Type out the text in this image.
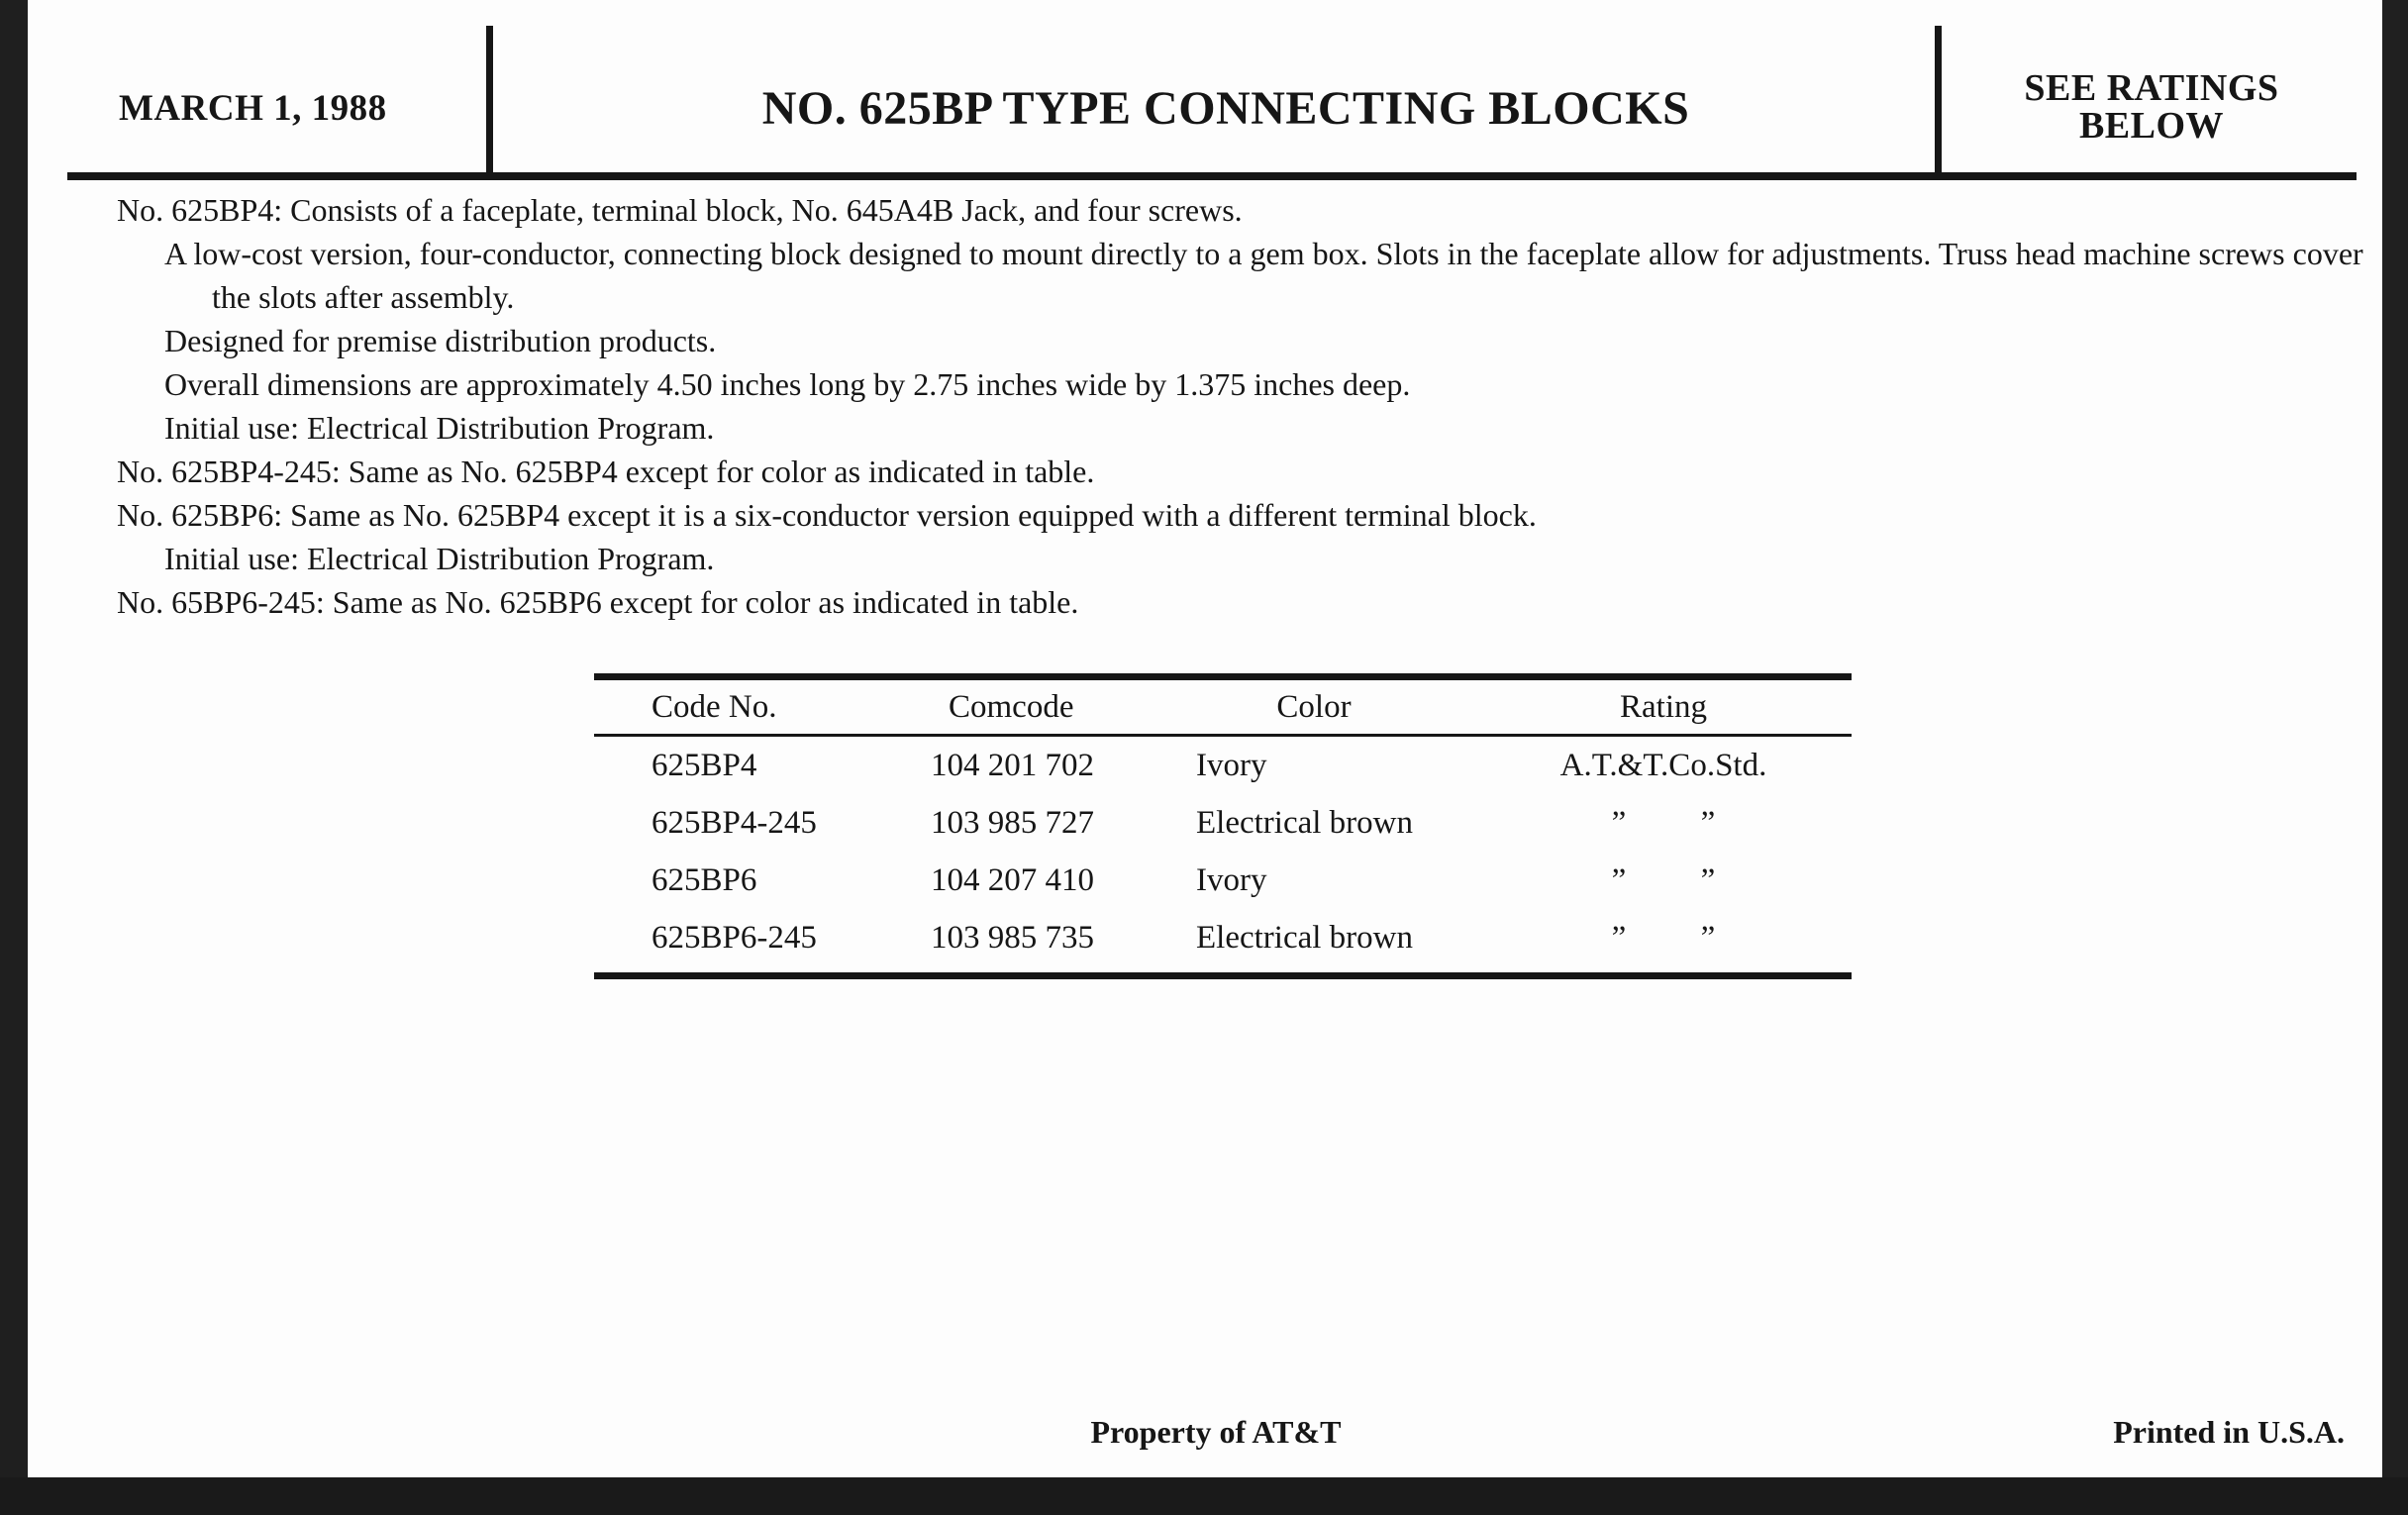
MARCH 1, 1988	NO. 625BP TYPE CONNECTING BLOCKS	SEE RATINGS
BELOW

No. 625BP4: Consists of a faceplate, terminal block, No. 645A4B Jack, and four screws.

A low-cost version, four-conductor, connecting block designed to mount directly to a gem box. Slots in the faceplate allow for adjustments. Truss head machine screws cover the slots after assembly.

Designed for premise distribution products.

Overall dimensions are approximately 4.50 inches long by 2.75 inches wide by 1.375 inches deep.

Initial use: Electrical Distribution Program.

No. 625BP4-245: Same as No. 625BP4 except for color as indicated in table.

No. 625BP6: Same as No. 625BP4 except it is a six-conductor version equipped with a different terminal block.

Initial use: Electrical Distribution Program.

No. 65BP6-245: Same as No. 625BP6 except for color as indicated in table.

Code No.	Comcode	Color	Rating
625BP4	104 201 702	Ivory	A.T.&T.Co.Std.
625BP4-245	103 985 727	Electrical brown	” ”
625BP6	104 207 410	Ivory	” ”
625BP6-245	103 985 735	Electrical brown	” ”
Property of AT&T	Printed in U.S.A.
